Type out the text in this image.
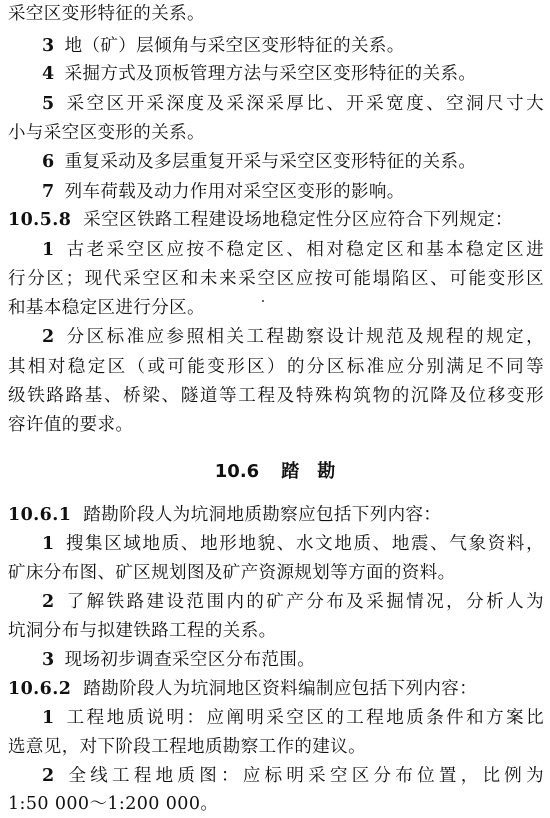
采空区变形特征的关系。
3 地（矿）层倾角与采空区变形特征的关系。
4 采掘方式及顶板管理方法与采空区变形特征的关系。
5 采空区开采深度及采深采厚比、开采宽度、空洞尺寸大
小与采空区变形的关系。
6 重复采动及多层重复开采与采空区变形特征的关系。
7 列车荷载及动力作用对采空区变形的影响。
10.5.8 采空区铁路工程建设场地稳定性分区应符合下列规定：
1 古老采空区应按不稳定区、相对稳定区和基本稳定区进
行分区；现代采空区和未来采空区应按可能塌陷区、可能变形区
和基本稳定区进行分区。
2 分区标准应参照相关工程勘察设计规范及规程的规定，
其相对稳定区（或可能变形区）的分区标准应分别满足不同等
级铁路路基、桥梁、隧道等工程及特殊构筑物的沉降及位移变形
容许值的要求。
10.6 踏　勘
10.6.1 踏勘阶段人为坑洞地质勘察应包括下列内容：
1 搜集区域地质、地形地貌、水文地质、地震、气象资料，
矿床分布图、矿区规划图及矿产资源规划等方面的资料。
2 了解铁路建设范围内的矿产分布及采掘情况，分析人为
坑洞分布与拟建铁路工程的关系。
3 现场初步调查采空区分布范围。
10.6.2 踏勘阶段人为坑洞地区资料编制应包括下列内容：
1 工程地质说明：应阐明采空区的工程地质条件和方案比
选意见，对下阶段工程地质勘察工作的建议。
2 全线工程地质图：应标明采空区分布位置，比例为
1:50 000～1:200 000。
